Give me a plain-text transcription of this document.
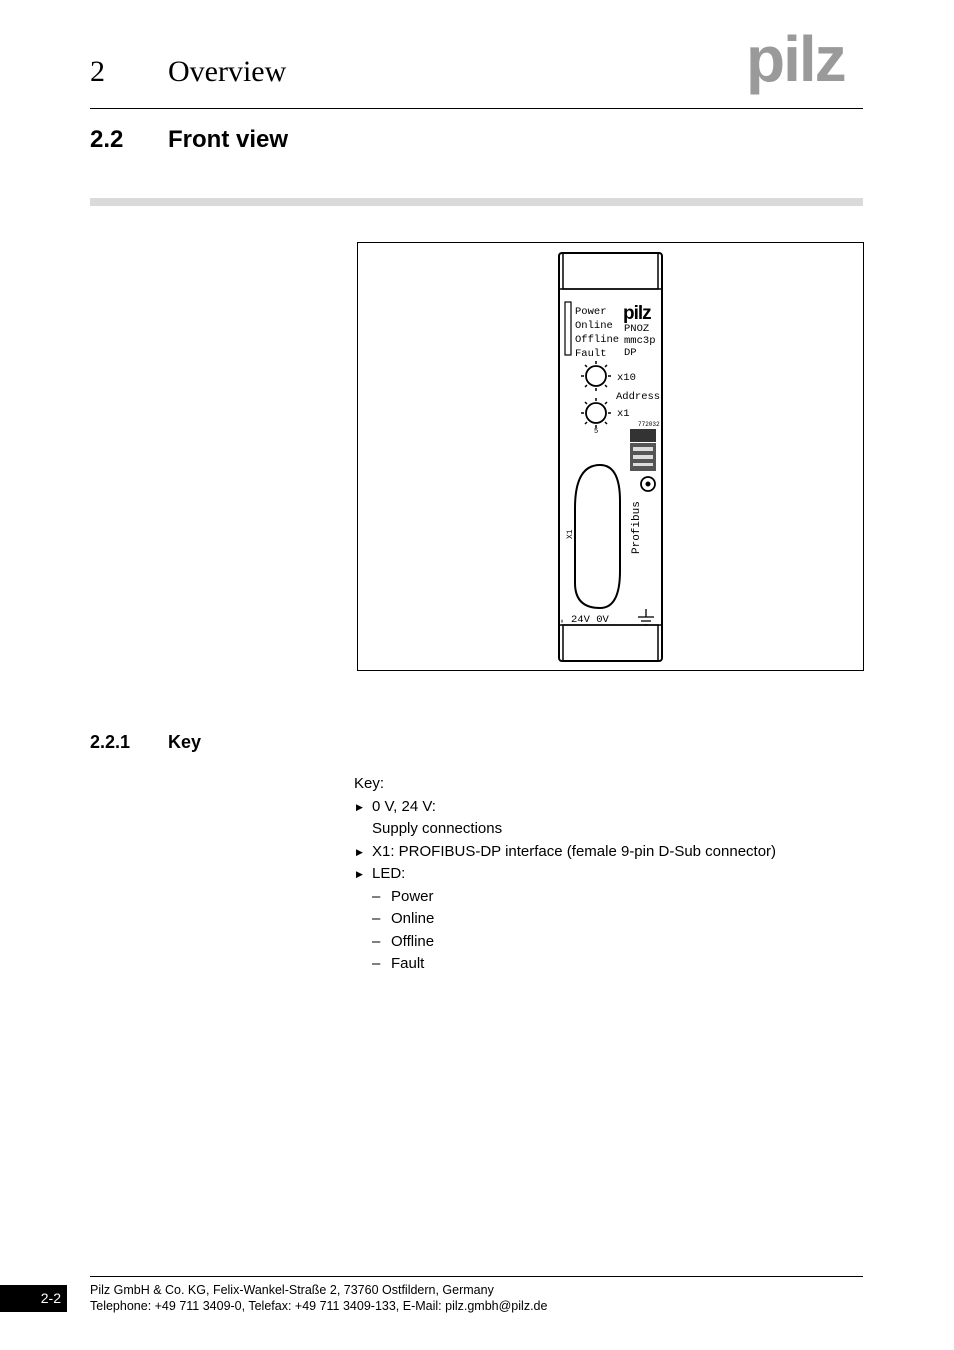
2 Overview	pilz
2.2 Front view
Power
Online
Offline
Fault
pilz
PNOZ
mmc3p
DP
x10
Address
5
x1
772032
X1	Profibus
= 24V 0V
2.2.1 Key
Key:
▶ 0 V, 24 V:
Supply connections
▶ X1: PROFIBUS-DP interface (female 9-pin D-Sub connector)
▶ LED:
– Power
– Online
– Offline
– Fault
2-2	Pilz GmbH & Co. KG, Felix-Wankel-Straße 2, 73760 Ostfildern, Germany
Telephone: +49 711 3409-0, Telefax: +49 711 3409-133, E-Mail: pilz.gmbh@pilz.de
